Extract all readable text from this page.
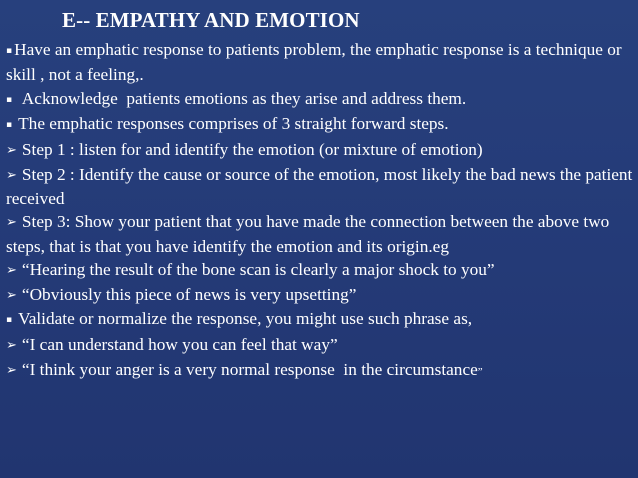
E-- EMPATHY AND EMOTION
▪ Have an emphatic response to patients problem, the emphatic response is a technique or skill , not a feeling,.
▪ Acknowledge  patients emotions as they arise and address them.
▪ The emphatic responses comprises of 3 straight forward steps.
➢ Step 1 : listen for and identify the emotion (or mixture of emotion)
➢ Step 2 : Identify the cause or source of the emotion, most likely the bad news the patient received
➢ Step 3: Show your patient that you have made the connection between the above two steps, that is that you have identify the emotion and its origin.eg
➢ “Hearing the result of the bone scan is clearly a major shock to you”
➢ “Obviously this piece of news is very upsetting”
▪ Validate or normalize the response, you might use such phrase as,
➢ “I can understand how you can feel that way”
➢ “I think your anger is a very normal response  in the circumstance”
